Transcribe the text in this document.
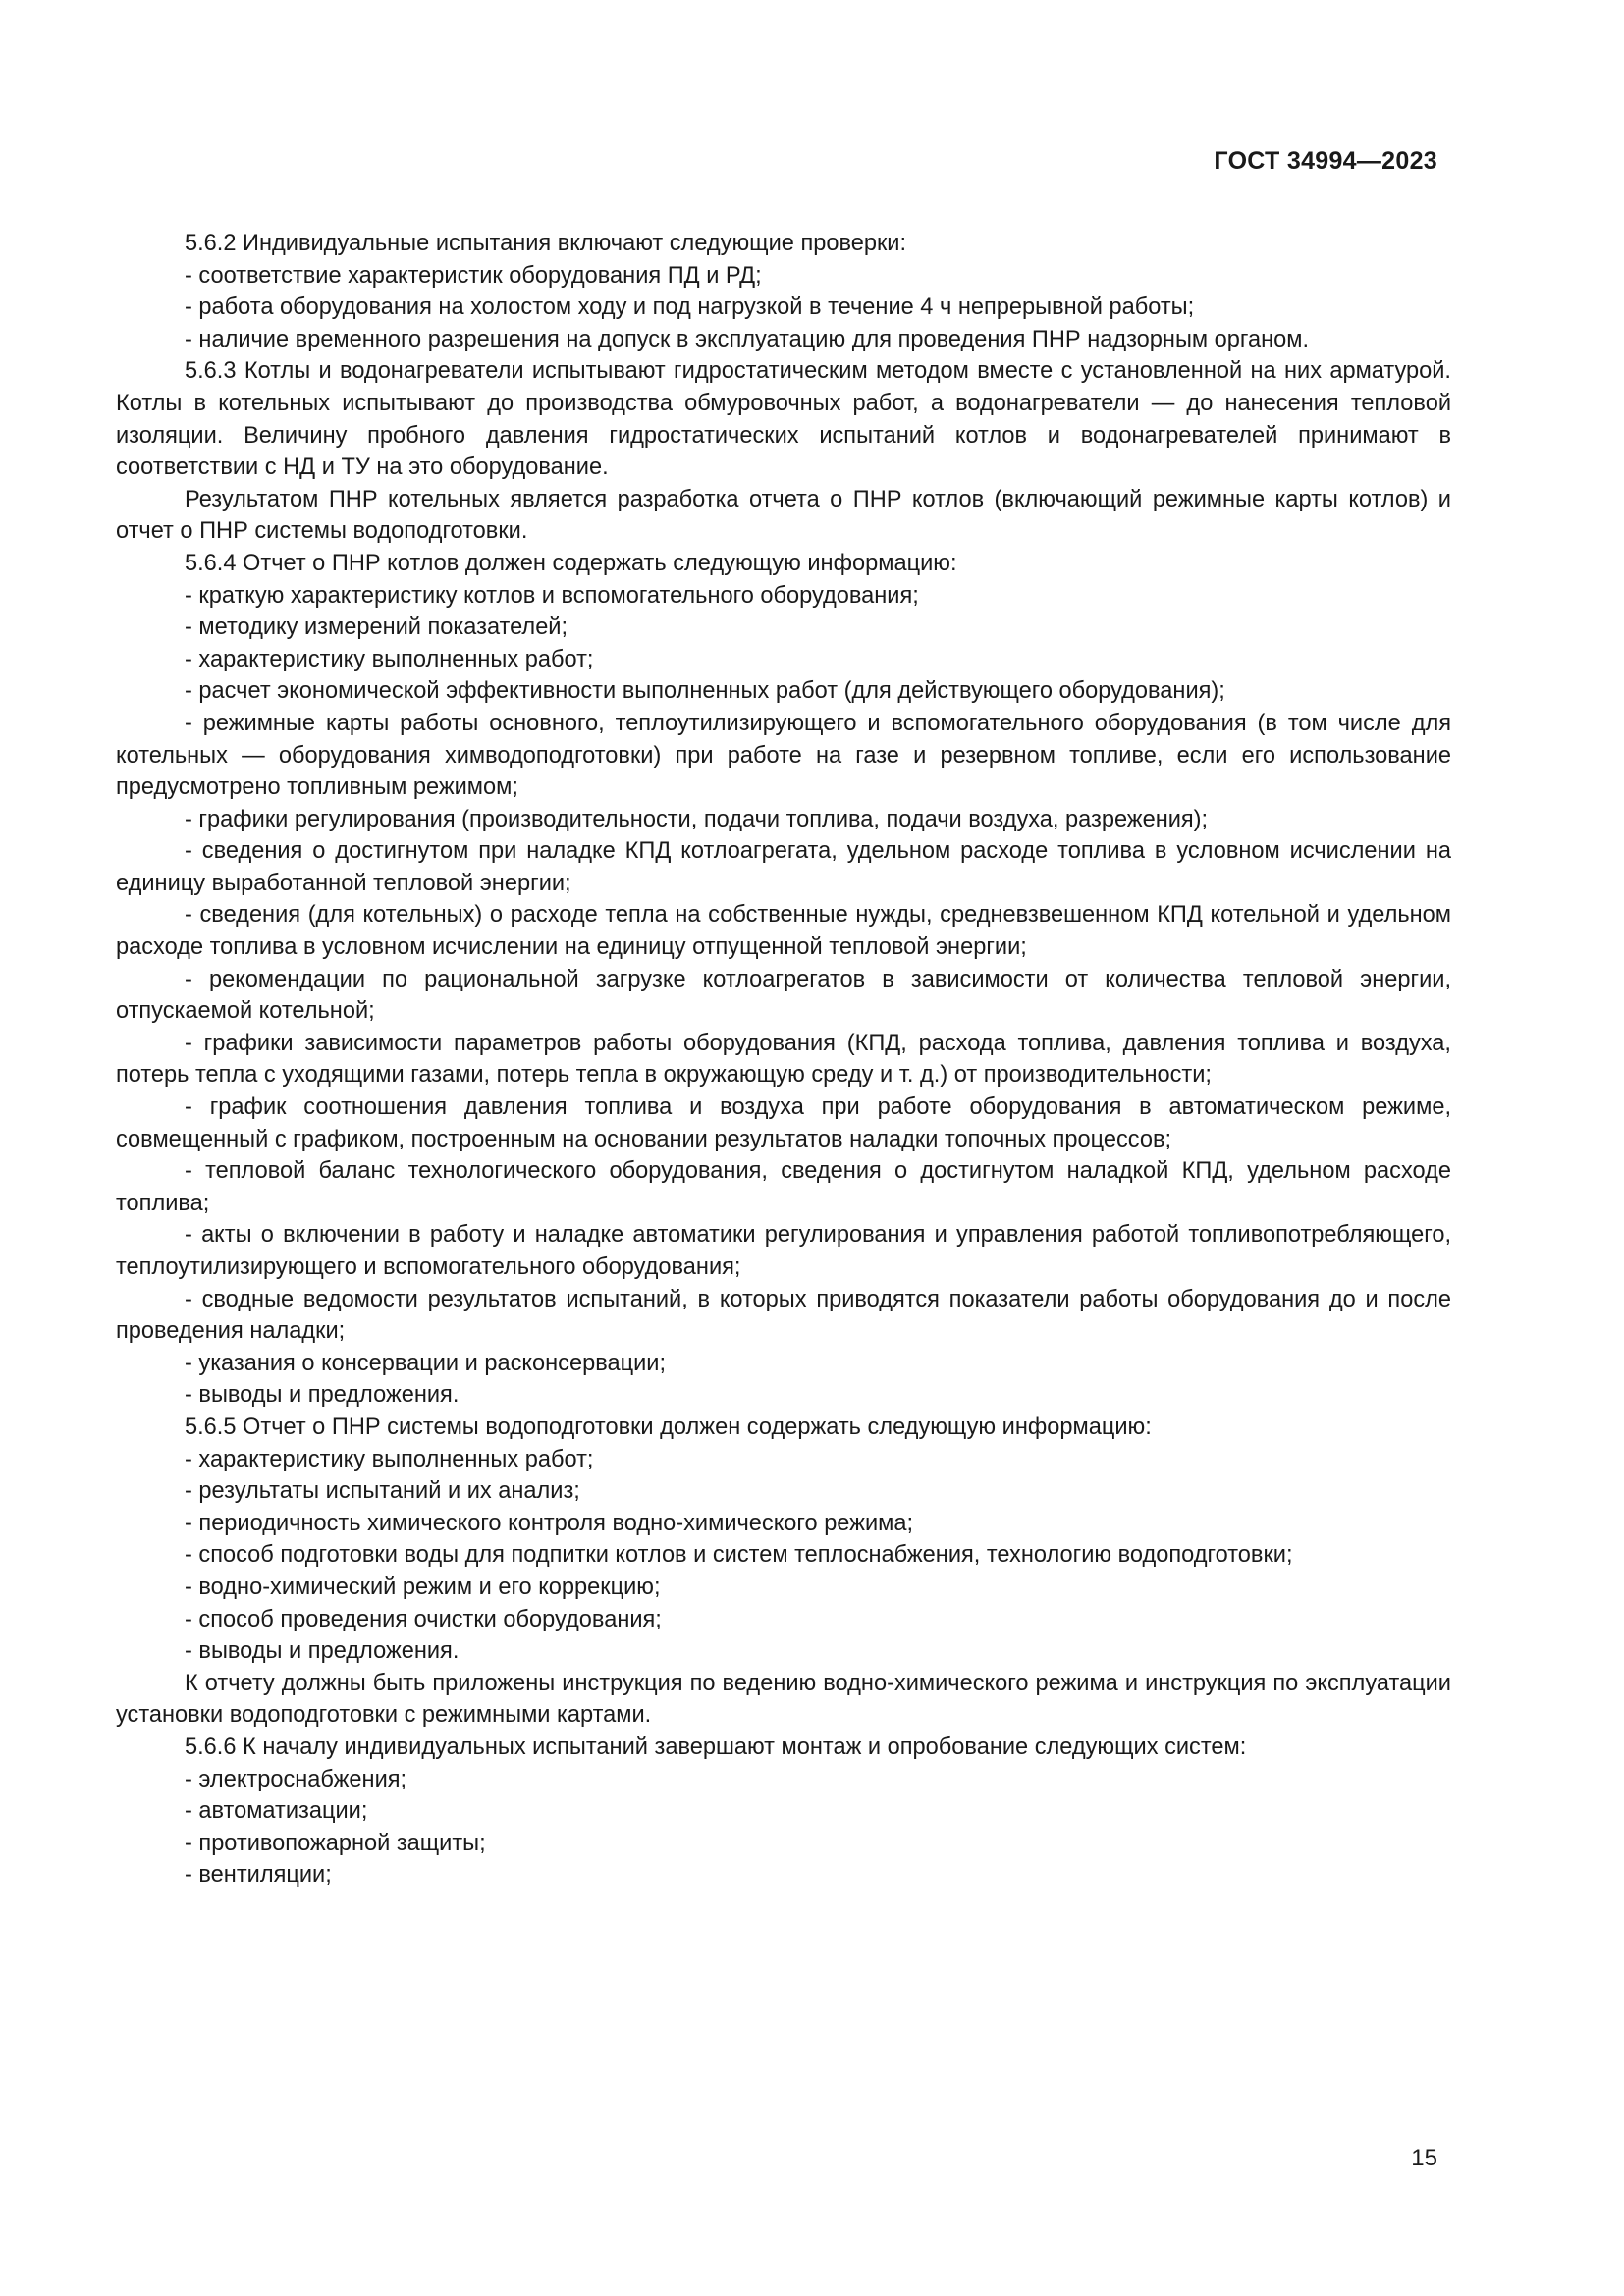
ГОСТ 34994—2023

5.6.2 Индивидуальные испытания включают следующие проверки:

- соответствие характеристик оборудования ПД и РД;

- работа оборудования на холостом ходу и под нагрузкой в течение 4 ч непрерывной работы;

- наличие временного разрешения на допуск в эксплуатацию для проведения ПНР надзорным органом.

5.6.3 Котлы и водонагреватели испытывают гидростатическим методом вместе с установленной на них арматурой. Котлы в котельных испытывают до производства обмуровочных работ, а водонагреватели — до нанесения тепловой изоляции. Величину пробного давления гидростатических испытаний котлов и водонагревателей принимают в соответствии с НД и ТУ на это оборудование.

Результатом ПНР котельных является разработка отчета о ПНР котлов (включающий режимные карты котлов) и отчет о ПНР системы водоподготовки.

5.6.4 Отчет о ПНР котлов должен содержать следующую информацию:

- краткую характеристику котлов и вспомогательного оборудования;

- методику измерений показателей;

- характеристику выполненных работ;

- расчет экономической эффективности выполненных работ (для действующего оборудования);

- режимные карты работы основного, теплоутилизирующего и вспомогательного оборудования (в том числе для котельных — оборудования химводоподготовки) при работе на газе и резервном топливе, если его использование предусмотрено топливным режимом;

- графики регулирования (производительности, подачи топлива, подачи воздуха, разрежения);

- сведения о достигнутом при наладке КПД котлоагрегата, удельном расходе топлива в условном исчислении на единицу выработанной тепловой энергии;

- сведения (для котельных) о расходе тепла на собственные нужды, средневзвешенном КПД котельной и удельном расходе топлива в условном исчислении на единицу отпущенной тепловой энергии;

- рекомендации по рациональной загрузке котлоагрегатов в зависимости от количества тепловой энергии, отпускаемой котельной;

- графики зависимости параметров работы оборудования (КПД, расхода топлива, давления топлива и воздуха, потерь тепла с уходящими газами, потерь тепла в окружающую среду и т. д.) от производительности;

- график соотношения давления топлива и воздуха при работе оборудования в автоматическом режиме, совмещенный с графиком, построенным на основании результатов наладки топочных процессов;

- тепловой баланс технологического оборудования, сведения о достигнутом наладкой КПД, удельном расходе топлива;

- акты о включении в работу и наладке автоматики регулирования и управления работой топливопотребляющего, теплоутилизирующего и вспомогательного оборудования;

- сводные ведомости результатов испытаний, в которых приводятся показатели работы оборудования до и после проведения наладки;

- указания о консервации и расконсервации;

- выводы и предложения.

5.6.5 Отчет о ПНР системы водоподготовки должен содержать следующую информацию:

- характеристику выполненных работ;

- результаты испытаний и их анализ;

- периодичность химического контроля водно-химического режима;

- способ подготовки воды для подпитки котлов и систем теплоснабжения, технологию водоподготовки;

- водно-химический режим и его коррекцию;

- способ проведения очистки оборудования;

- выводы и предложения.

К отчету должны быть приложены инструкция по ведению водно-химического режима и инструкция по эксплуатации установки водоподготовки с режимными картами.

5.6.6 К началу индивидуальных испытаний завершают монтаж и опробование следующих систем:

- электроснабжения;

- автоматизации;

- противопожарной защиты;

- вентиляции;

15
